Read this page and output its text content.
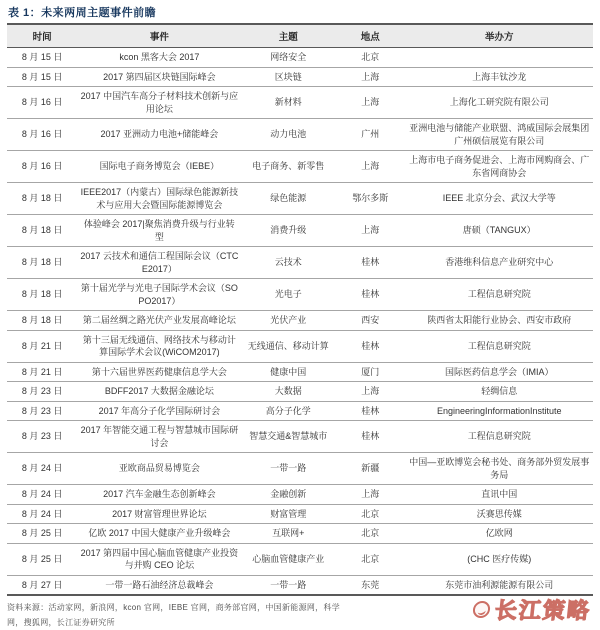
表 1：未来两周主题事件前瞻
时间	事件	主题	地点	举办方
8 月 15 日	kcon 黑客大会 2017	网络安全	北京	
8 月 15 日	2017 第四届区块链国际峰会	区块链	上海	上海丰钛沙龙
8 月 16 日	2017 中国汽车高分子材料技术创新与应用论坛	新材料	上海	上海化工研究院有限公司
8 月 16 日	2017 亚洲动力电池+储能峰会	动力电池	广州	亚洲电池与储能产业联盟、鸿威国际会展集团广州硕信展览有限公司
8 月 16 日	国际电子商务博览会（IEBE）	电子商务、新零售	上海	上海市电子商务促进会、上海市网购商会、广东省网商协会
8 月 18 日	IEEE2017（内蒙古）国际绿色能源新技术与应用大会暨国际能源博览会	绿色能源	鄂尔多斯	IEEE 北京分会、武汉大学等
8 月 18 日	体验峰会 2017|聚焦消费升级与行业转型	消费升级	上海	唐硕（TANGUX）
8 月 18 日	2017 云技术和通信工程国际会议（CTCE2017）	云技术	桂林	香港维科信息产业研究中心
8 月 18 日	第十届光学与光电子国际学术会议（SOPO2017）	光电子	桂林	工程信息研究院
8 月 18 日	第二届丝绸之路光伏产业发展高峰论坛	光伏产业	西安	陕西省太阳能行业协会、西安市政府
8 月 21 日	第十三届无线通信、网络技术与移动计算国际学术会议(WiCOM2017)	无线通信、移动计算	桂林	工程信息研究院
8 月 21 日	第十六届世界医药健康信息学大会	健康中国	厦门	国际医药信息学会（IMIA）
8 月 23 日	BDFF2017 大数据金融论坛	大数据	上海	轻绸信息
8 月 23 日	2017 年高分子化学国际研讨会	高分子化学	桂林	EngineeringInformationInstitute
8 月 23 日	2017 年智能交通工程与智慧城市国际研讨会	智慧交通&智慧城市	桂林	工程信息研究院
8 月 24 日	亚欧商品贸易博览会	一带一路	新疆	中国—亚欧博览会秘书处、商务部外贸发展事务局
8 月 24 日	2017 汽车金融生态创新峰会	金融创新	上海	直讯中国
8 月 24 日	2017 财富管理世界论坛	财富管理	北京	沃赛思传媒
8 月 25 日	亿欧 2017 中国大健康产业升级峰会	互联网+	北京	亿欧网
8 月 25 日	2017 第四届中国心脑血管健康产业投资与并购 CEO 论坛	心脑血管健康产业	北京	(CHC 医疗传媒)
8 月 27 日	一带一路石油经济总裁峰会	一带一路	东莞	东莞市油利源能源有限公司
资料来源：活动家网，新浪网，kcon 官网，IEBE 官网，商务部官网，中国新能源网，科学网，搜狐网，长江证券研究所	长江策略
